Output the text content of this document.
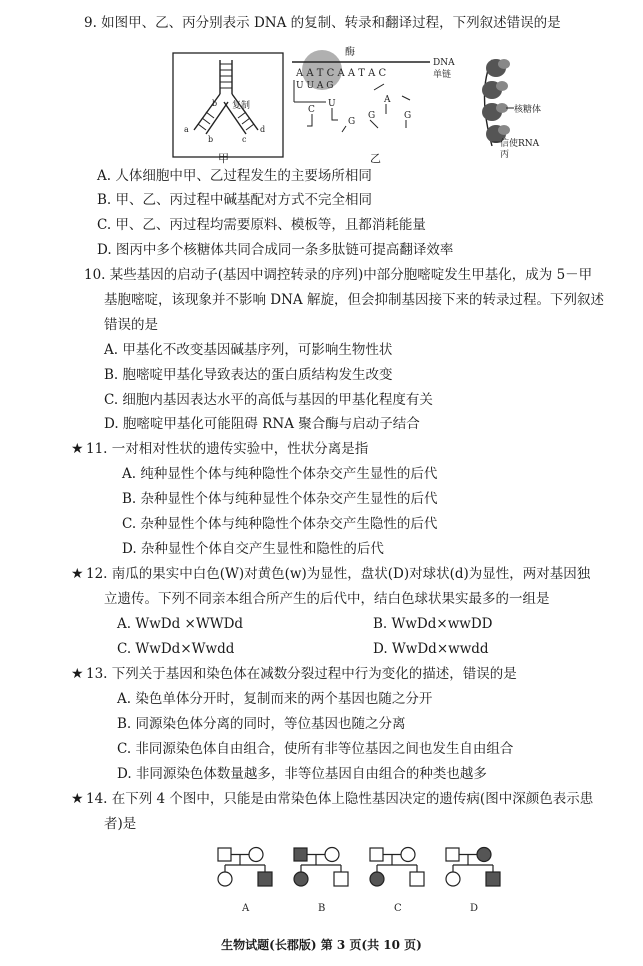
9. 如图甲、乙、丙分别表示 DNA 的复制、转录和翻译过程，下列叙述错误的是
复制
b
a	d
b	c
甲
酶
A A T C A A T A C
U U A G
DNA
单链
C
U
G
A
G	G
乙
核糖体
信使RNA
丙
A. 人体细胞中甲、乙过程发生的主要场所相同
B. 甲、乙、丙过程中碱基配对方式不完全相同
C. 甲、乙、丙过程均需要原料、模板等，且都消耗能量
D. 图丙中多个核糖体共同合成同一条多肽链可提高翻译效率
10. 某些基因的启动子(基因中调控转录的序列)中部分胞嘧啶发生甲基化，成为 5－甲
基胞嘧啶，该现象并不影响 DNA 解旋，但会抑制基因接下来的转录过程。下列叙述
错误的是
A. 甲基化不改变基因碱基序列，可影响生物性状
B. 胞嘧啶甲基化导致表达的蛋白质结构发生改变
C. 细胞内基因表达水平的高低与基因的甲基化程度有关
D. 胞嘧啶甲基化可能阻碍 RNA 聚合酶与启动子结合
★ 11. 一对相对性状的遗传实验中，性状分离是指
A. 纯种显性个体与纯种隐性个体杂交产生显性的后代
B. 杂种显性个体与纯种显性个体杂交产生显性的后代
C. 杂种显性个体与纯种隐性个体杂交产生隐性的后代
D. 杂种显性个体自交产生显性和隐性的后代
★ 12. 南瓜的果实中白色(W)对黄色(w)为显性，盘状(D)对球状(d)为显性，两对基因独
立遗传。下列不同亲本组合所产生的后代中，结白色球状果实最多的一组是
A. WwDd ×WWDd	B. WwDd×wwDD
C. WwDd×Wwdd	D. WwDd×wwdd
★ 13. 下列关于基因和染色体在减数分裂过程中行为变化的描述，错误的是
A. 染色单体分开时，复制而来的两个基因也随之分开
B. 同源染色体分离的同时，等位基因也随之分离
C. 非同源染色体自由组合，使所有非等位基因之间也发生自由组合
D. 非同源染色体数量越多，非等位基因自由组合的种类也越多
★ 14. 在下列 4 个图中，只能是由常染色体上隐性基因决定的遗传病(图中深颜色表示患
者)是
A	B	C	D
生物试题(长郡版) 第 3 页(共 10 页)
